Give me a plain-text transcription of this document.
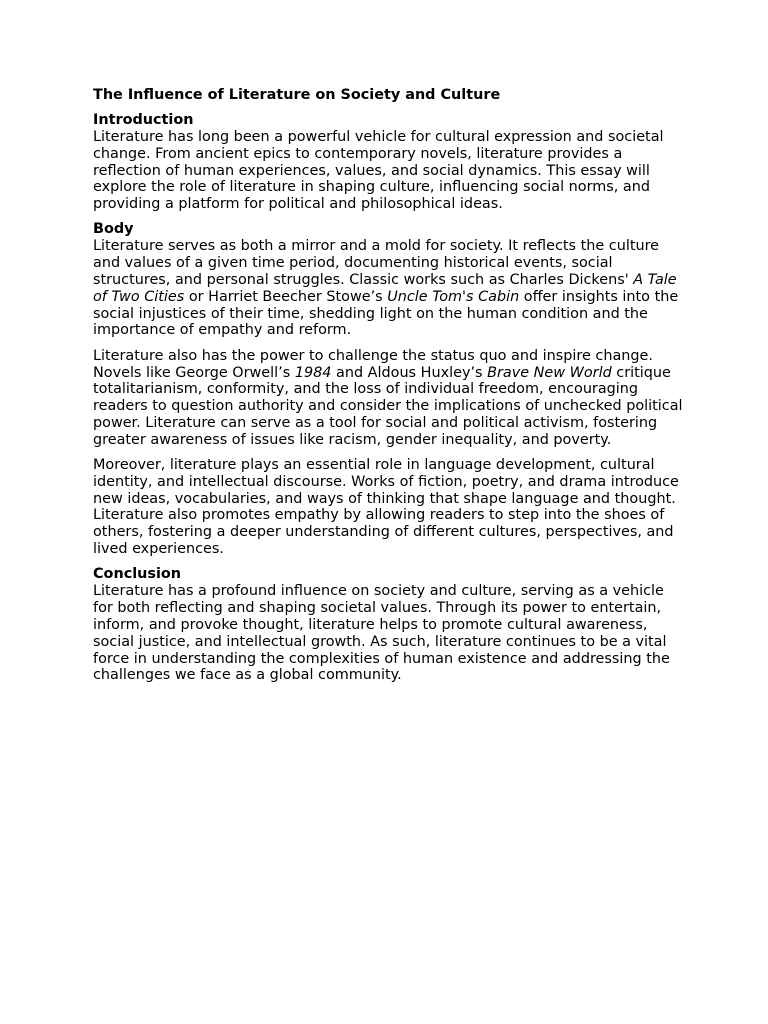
The Influence of Literature on Society and Culture
Introduction

Literature has long been a powerful vehicle for cultural expression and societal change. From ancient epics to contemporary novels, literature provides a reflection of human experiences, values, and social dynamics. This essay will explore the role of literature in shaping culture, influencing social norms, and providing a platform for political and philosophical ideas.

Body

Literature serves as both a mirror and a mold for society. It reflects the culture and values of a given time period, documenting historical events, social structures, and personal struggles. Classic works such as Charles Dickens' A Tale of Two Cities or Harriet Beecher Stowe’s Uncle Tom's Cabin offer insights into the social injustices of their time, shedding light on the human condition and the importance of empathy and reform.

Literature also has the power to challenge the status quo and inspire change. Novels like George Orwell’s 1984 and Aldous Huxley’s Brave New World critique totalitarianism, conformity, and the loss of individual freedom, encouraging readers to question authority and consider the implications of unchecked political power. Literature can serve as a tool for social and political activism, fostering greater awareness of issues like racism, gender inequality, and poverty.

Moreover, literature plays an essential role in language development, cultural identity, and intellectual discourse. Works of fiction, poetry, and drama introduce new ideas, vocabularies, and ways of thinking that shape language and thought. Literature also promotes empathy by allowing readers to step into the shoes of others, fostering a deeper understanding of different cultures, perspectives, and lived experiences.

Conclusion

Literature has a profound influence on society and culture, serving as a vehicle for both reflecting and shaping societal values. Through its power to entertain, inform, and provoke thought, literature helps to promote cultural awareness, social justice, and intellectual growth. As such, literature continues to be a vital force in understanding the complexities of human existence and addressing the challenges we face as a global community.
